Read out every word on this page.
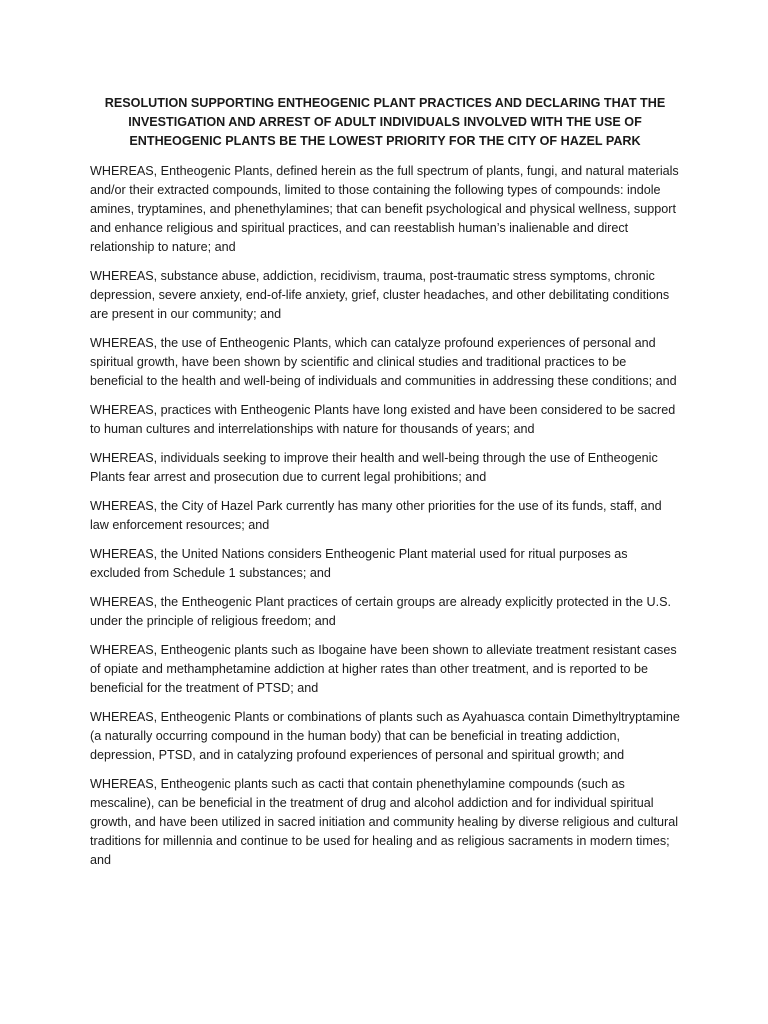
RESOLUTION SUPPORTING ENTHEOGENIC PLANT PRACTICES AND DECLARING THAT THE INVESTIGATION AND ARREST OF ADULT INDIVIDUALS INVOLVED WITH THE USE OF ENTHEOGENIC PLANTS BE THE LOWEST PRIORITY FOR THE CITY OF HAZEL PARK
WHEREAS, Entheogenic Plants, defined herein as the full spectrum of plants, fungi, and natural materials and/or their extracted compounds, limited to those containing the following types of compounds: indole amines, tryptamines, and phenethylamines; that can benefit psychological and physical wellness, support and enhance religious and spiritual practices, and can reestablish human’s inalienable and direct relationship to nature; and
WHEREAS, substance abuse, addiction, recidivism, trauma, post-traumatic stress symptoms, chronic depression, severe anxiety, end-of-life anxiety, grief, cluster headaches, and other debilitating conditions are present in our community; and
WHEREAS, the use of Entheogenic Plants, which can catalyze profound experiences of personal and spiritual growth, have been shown by scientific and clinical studies and traditional practices to be beneficial to the health and well-being of individuals and communities in addressing these conditions; and
WHEREAS, practices with Entheogenic Plants have long existed and have been considered to be sacred to human cultures and interrelationships with nature for thousands of years; and
WHEREAS, individuals seeking to improve their health and well-being through the use of Entheogenic Plants fear arrest and prosecution due to current legal prohibitions; and
WHEREAS, the City of Hazel Park currently has many other priorities for the use of its funds, staff, and law enforcement resources; and
WHEREAS, the United Nations considers Entheogenic Plant material used for ritual purposes as excluded from Schedule 1 substances; and
WHEREAS, the Entheogenic Plant practices of certain groups are already explicitly protected in the U.S. under the principle of religious freedom; and
WHEREAS, Entheogenic plants such as Ibogaine have been shown to alleviate treatment resistant cases of opiate and methamphetamine addiction at higher rates than other treatment, and is reported to be beneficial for the treatment of PTSD; and
WHEREAS, Entheogenic Plants or combinations of plants such as Ayahuasca contain Dimethyltryptamine (a naturally occurring compound in the human body) that can be beneficial in treating addiction, depression, PTSD, and in catalyzing profound experiences of personal and spiritual growth; and
WHEREAS, Entheogenic plants such as cacti that contain phenethylamine compounds (such as mescaline), can be beneficial in the treatment of drug and alcohol addiction and for individual spiritual growth, and have been utilized in sacred initiation and community healing by diverse religious and cultural traditions for millennia and continue to be used for healing and as religious sacraments in modern times; and
